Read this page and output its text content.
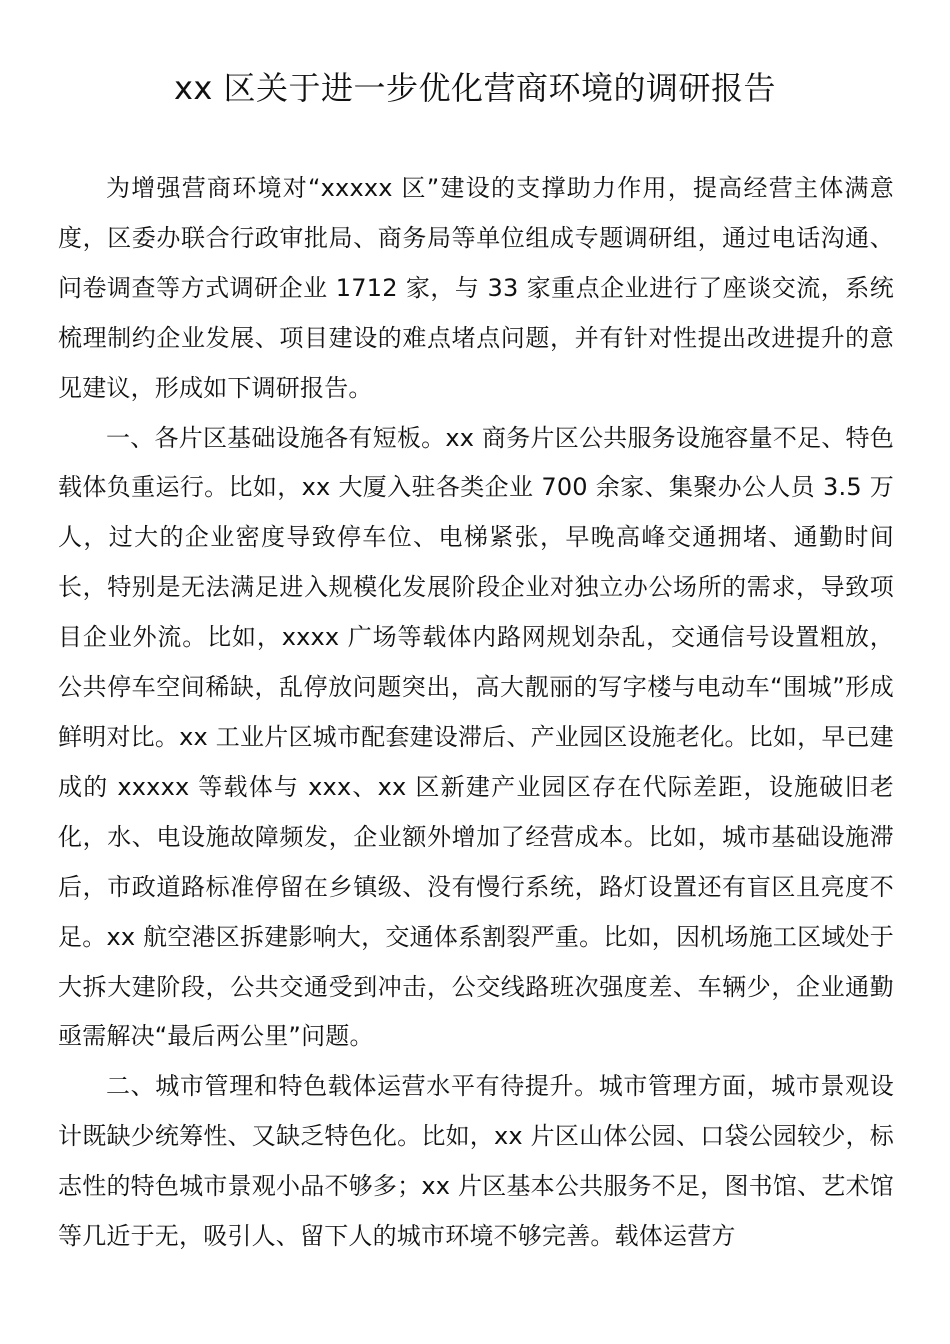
xx 区关于进一步优化营商环境的调研报告

为增强营商环境对“xxxxx 区”建设的支撑助力作用，提高经营主体满意度，区委办联合行政审批局、商务局等单位组成专题调研组，通过电话沟通、问卷调查等方式调研企业 1712 家，与 33 家重点企业进行了座谈交流，系统梳理制约企业发展、项目建设的难点堵点问题，并有针对性提出改进提升的意见建议，形成如下调研报告。

一、各片区基础设施各有短板。xx 商务片区公共服务设施容量不足、特色载体负重运行。比如，xx 大厦入驻各类企业 700 余家、集聚办公人员 3.5 万人，过大的企业密度导致停车位、电梯紧张，早晚高峰交通拥堵、通勤时间长，特别是无法满足进入规模化发展阶段企业对独立办公场所的需求，导致项目企业外流。比如，xxxx 广场等载体内路网规划杂乱，交通信号设置粗放，公共停车空间稀缺，乱停放问题突出，高大靓丽的写字楼与电动车“围城”形成鲜明对比。xx 工业片区城市配套建设滞后、产业园区设施老化。比如，早已建成的 xxxxx 等载体与 xxx、xx 区新建产业园区存在代际差距，设施破旧老化，水、电设施故障频发，企业额外增加了经营成本。比如，城市基础设施滞后，市政道路标准停留在乡镇级、没有慢行系统，路灯设置还有盲区且亮度不足。xx 航空港区拆建影响大，交通体系割裂严重。比如，因机场施工区域处于大拆大建阶段，公共交通受到冲击，公交线路班次强度差、车辆少，企业通勤亟需解决“最后两公里”问题。

二、城市管理和特色载体运营水平有待提升。城市管理方面，城市景观设计既缺少统筹性、又缺乏特色化。比如，xx 片区山体公园、口袋公园较少，标志性的特色城市景观小品不够多；xx 片区基本公共服务不足，图书馆、艺术馆等几近于无，吸引人、留下人的城市环境不够完善。载体运营方
